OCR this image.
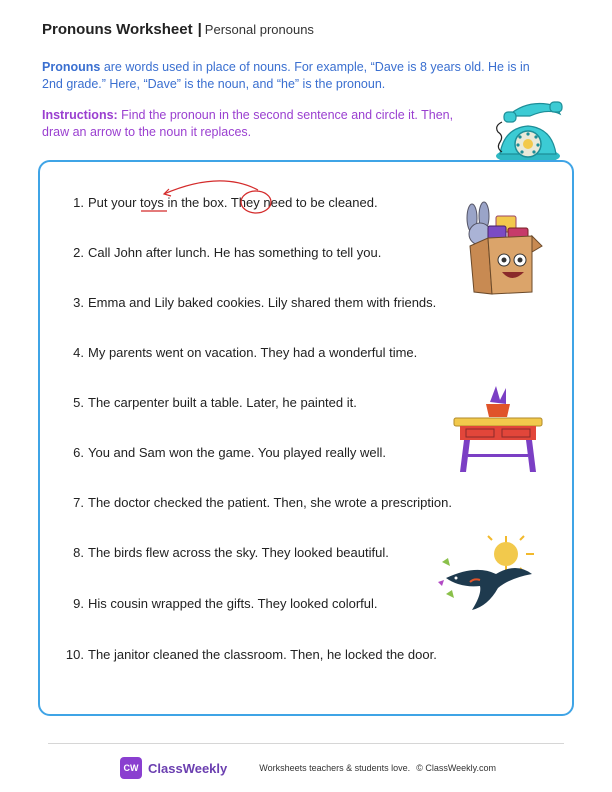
Pronouns Worksheet | Personal pronouns
Pronouns are words used in place of nouns. For example, “Dave is 8 years old. He is in 2nd grade.” Here, “Dave” is the noun, and “he” is the pronoun.
Instructions: Find the pronoun in the second sentence and circle it. Then, draw an arrow to the noun it replaces.
1. Put your toys in the box. They need to be cleaned.
2. Call John after lunch. He has something to tell you.
3. Emma and Lily baked cookies. Lily shared them with friends.
4. My parents went on vacation. They had a wonderful time.
5. The carpenter built a table. Later, he painted it.
6. You and Sam won the game. You played really well.
7. The doctor checked the patient. Then, she wrote a prescription.
8. The birds flew across the sky. They looked beautiful.
9. His cousin wrapped the gifts. They looked colorful.
10. The janitor cleaned the classroom. Then, he locked the door.
CW ClassWeekly	Worksheets teachers & students love. © ClassWeekly.com
